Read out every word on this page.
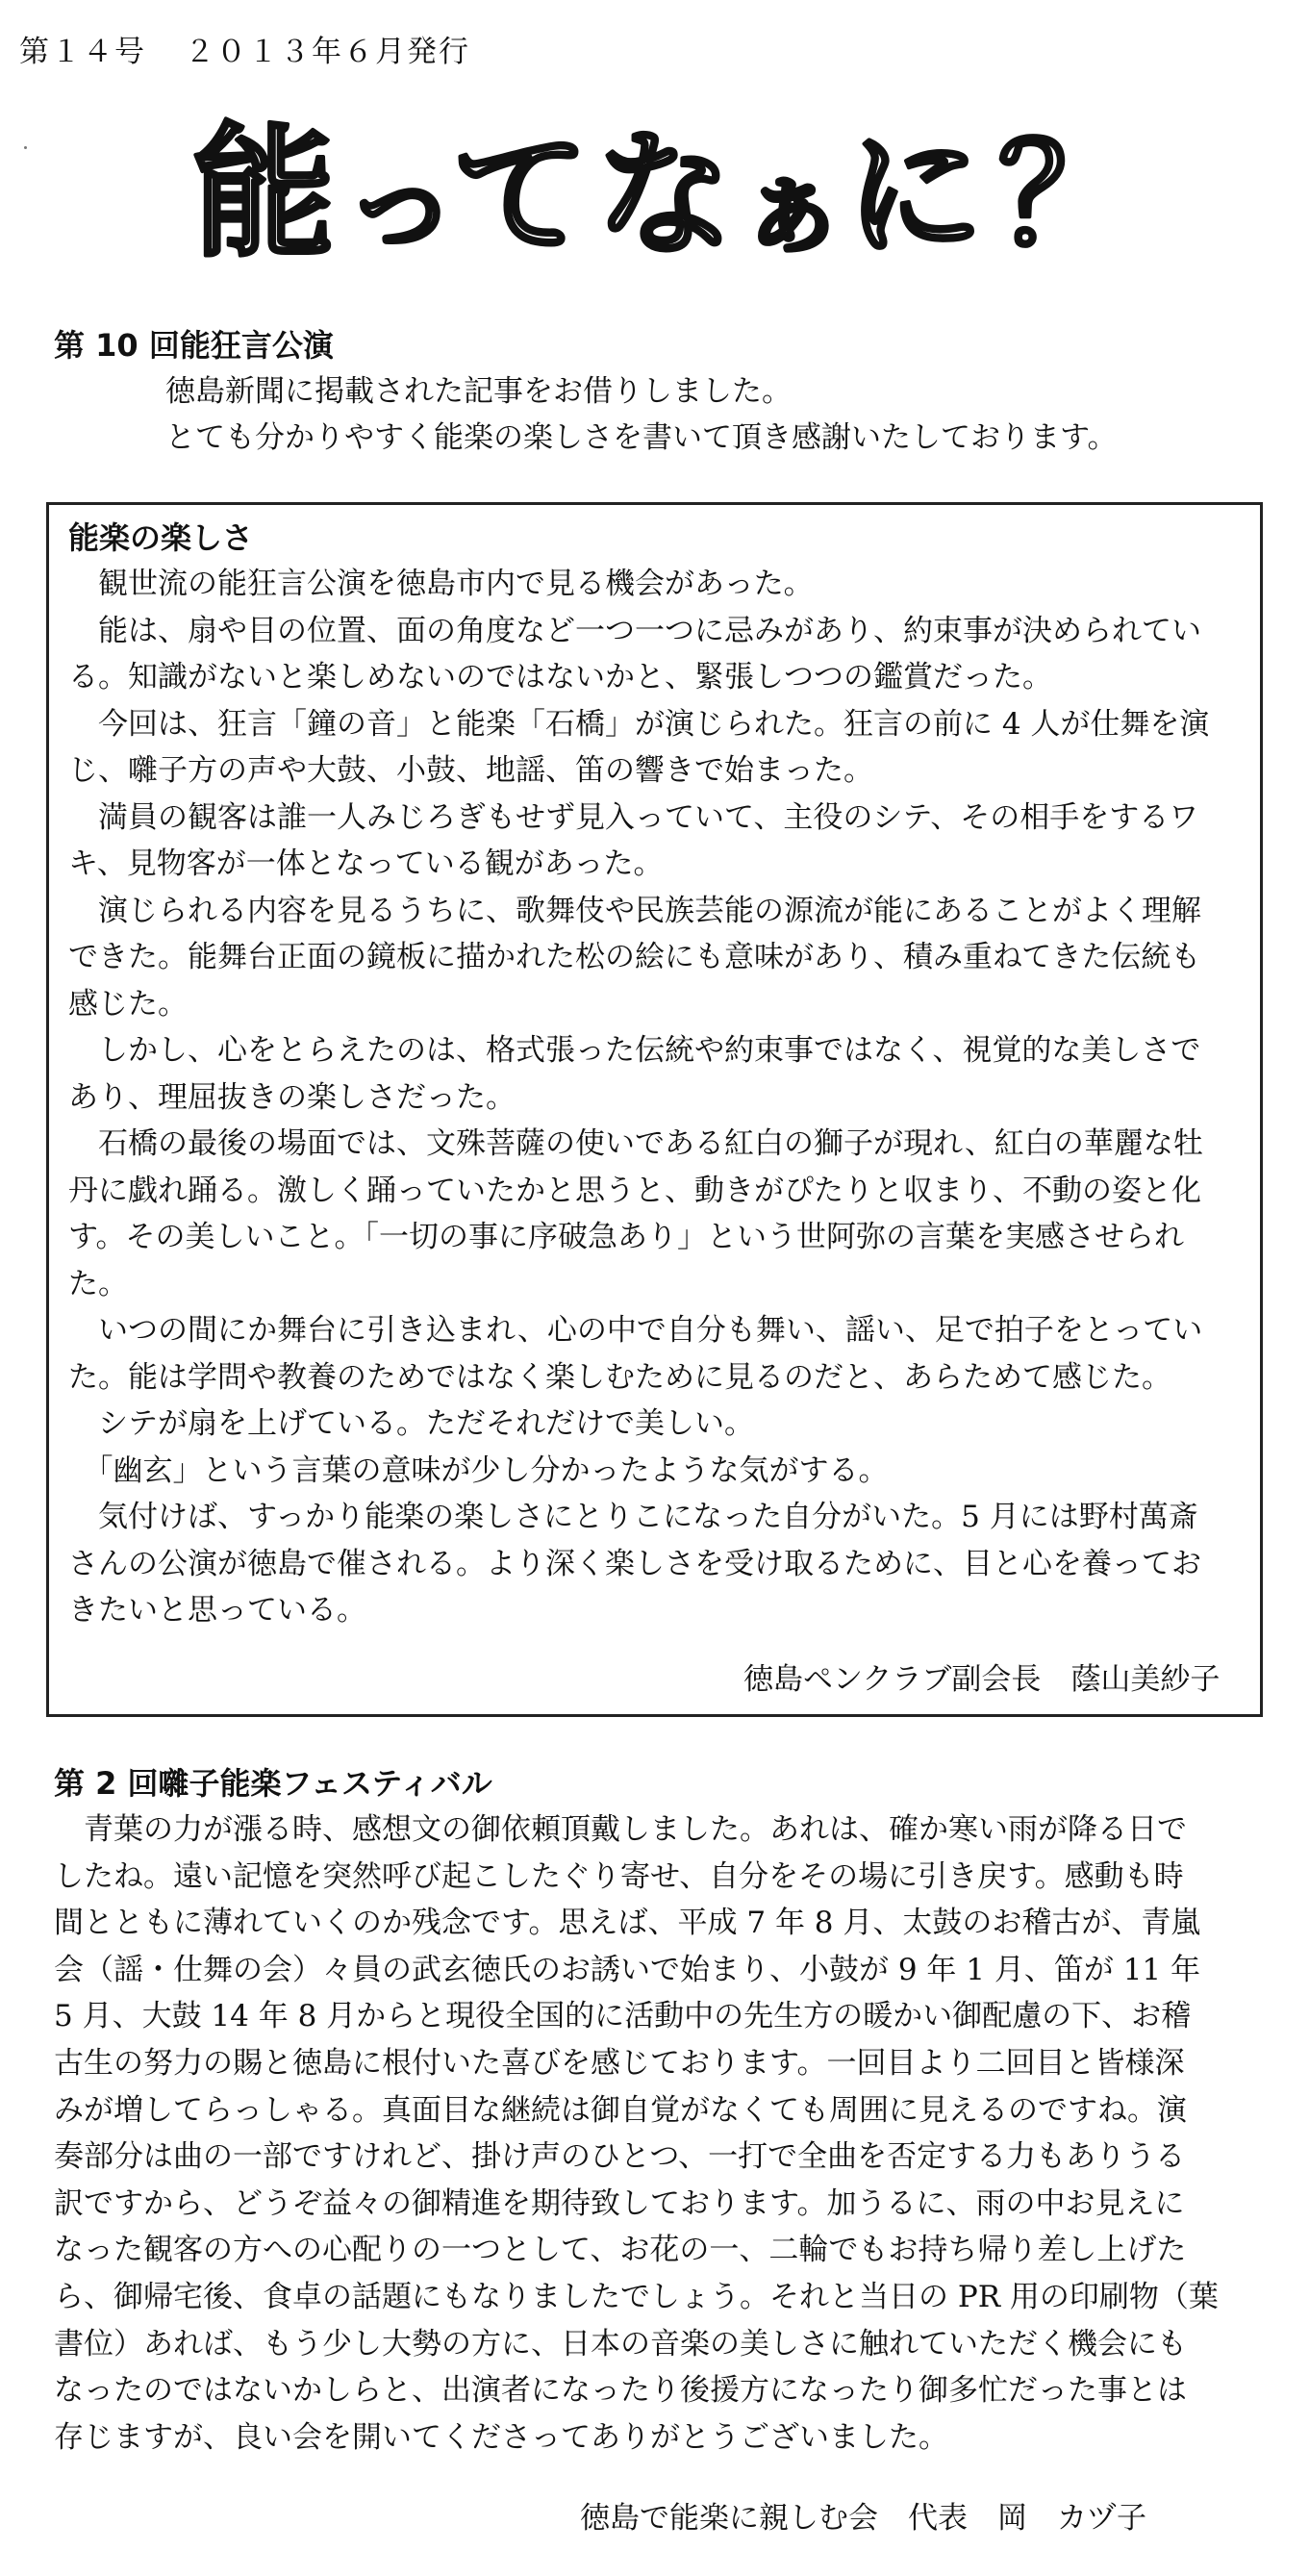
第１４号 ２０１３年６月発行
能 っ
て な ぁ に ？
第 10 回能狂言公演
徳島新聞に掲載された記事をお借りしました。
とても分かりやすく能楽の楽しさを書いて頂き感謝いたしております。
能楽の楽しさ
　観世流の能狂言公演を徳島市内で見る機会があった。
　能は、扇や目の位置、面の角度など一つ一つに忌みがあり、約束事が決められてい
る。知識がないと楽しめないのではないかと、緊張しつつの鑑賞だった。
　今回は、狂言「鐘の音」と能楽「石橋」が演じられた。狂言の前に 4 人が仕舞を演
じ、囃子方の声や大鼓、小鼓、地謡、笛の響きで始まった。
　満員の観客は誰一人みじろぎもせず見入っていて、主役のシテ、その相手をするワ
キ、見物客が一体となっている観があった。
　演じられる内容を見るうちに、歌舞伎や民族芸能の源流が能にあることがよく理解
できた。能舞台正面の鏡板に描かれた松の絵にも意味があり、積み重ねてきた伝統も
感じた。
　しかし、心をとらえたのは、格式張った伝統や約束事ではなく、視覚的な美しさで
あり、理屈抜きの楽しさだった。
　石橋の最後の場面では、文殊菩薩の使いである紅白の獅子が現れ、紅白の華麗な牡
丹に戯れ踊る。激しく踊っていたかと思うと、動きがぴたりと収まり、不動の姿と化
す。その美しいこと。「一切の事に序破急あり」という世阿弥の言葉を実感させられ
た。
　いつの間にか舞台に引き込まれ、心の中で自分も舞い、謡い、足で拍子をとってい
た。能は学問や教養のためではなく楽しむために見るのだと、あらためて感じた。
　シテが扇を上げている。ただそれだけで美しい。
　「幽玄」という言葉の意味が少し分かったような気がする。
　気付けば、すっかり能楽の楽しさにとりこになった自分がいた。5 月には野村萬斎
さんの公演が徳島で催される。より深く楽しさを受け取るために、目と心を養ってお
きたいと思っている。
徳島ペンクラブ副会長　蔭山美紗子
第 2 回囃子能楽フェスティバル
　青葉の力が漲る時、感想文の御依頼頂戴しました。あれは、確か寒い雨が降る日で
したね。遠い記憶を突然呼び起こしたぐり寄せ、自分をその場に引き戻す。感動も時
間とともに薄れていくのか残念です。思えば、平成 7 年 8 月、太鼓のお稽古が、青嵐
会（謡・仕舞の会）々員の武玄徳氏のお誘いで始まり、小鼓が 9 年 1 月、笛が 11 年
5 月、大鼓 14 年 8 月からと現役全国的に活動中の先生方の暖かい御配慮の下、お稽
古生の努力の賜と徳島に根付いた喜びを感じております。一回目より二回目と皆様深
みが増してらっしゃる。真面目な継続は御自覚がなくても周囲に見えるのですね。演
奏部分は曲の一部ですけれど、掛け声のひとつ、一打で全曲を否定する力もありうる
訳ですから、どうぞ益々の御精進を期待致しております。加うるに、雨の中お見えに
なった観客の方への心配りの一つとして、お花の一、二輪でもお持ち帰り差し上げた
ら、御帰宅後、食卓の話題にもなりましたでしょう。それと当日の PR 用の印刷物（葉
書位）あれば、もう少し大勢の方に、日本の音楽の美しさに触れていただく機会にも
なったのではないかしらと、出演者になったり後援方になったり御多忙だった事とは
存じますが、良い会を開いてくださってありがとうございました。
徳島で能楽に親しむ会　代表　岡　カヅ子
